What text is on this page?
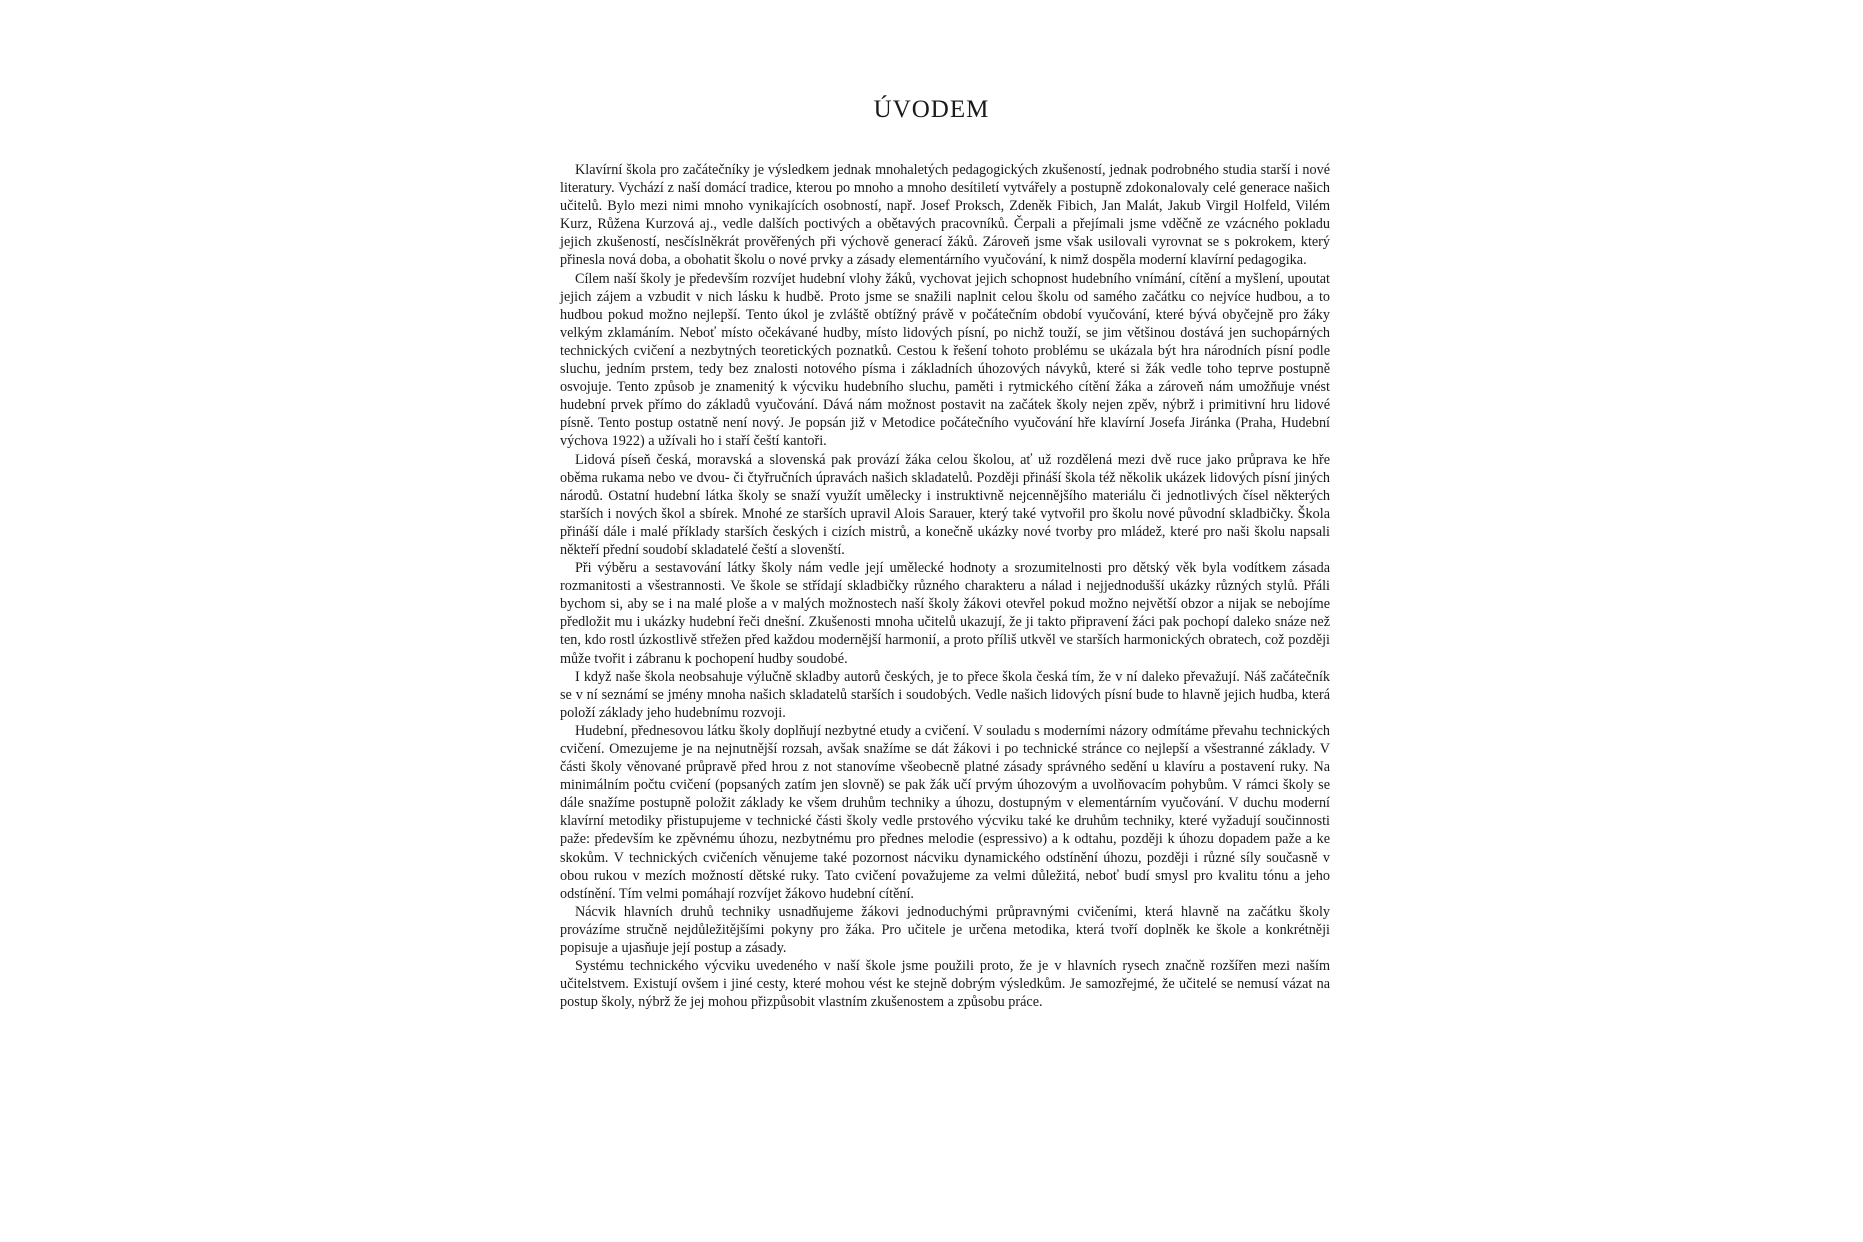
ÚVODEM

Klavírní škola pro začátečníky je výsledkem jednak mnohaletých pedagogických zkušeností, jednak podrobného studia starší i nové literatury. Vychází z naší domácí tradice, kterou po mnoho a mnoho desítiletí vytvářely a postupně zdokonalovaly celé generace našich učitelů. Bylo mezi nimi mnoho vynikajících osobností, např. Josef Proksch, Zdeněk Fibich, Jan Malát, Jakub Virgil Holfeld, Vilém Kurz, Růžena Kurzová aj., vedle dalších poctivých a obětavých pracovníků. Čerpali a přejímali jsme vděčně ze vzácného pokladu jejich zkušeností, nesčíslněkrát prověřených při výchově generací žáků. Zároveň jsme však usilovali vyrovnat se s pokrokem, který přinesla nová doba, a obohatit školu o nové prvky a zásady elementárního vyučování, k nimž dospěla moderní klavírní pedagogika.

Cílem naší školy je především rozvíjet hudební vlohy žáků, vychovat jejich schopnost hudebního vnímání, cítění a myšlení, upoutat jejich zájem a vzbudit v nich lásku k hudbě. Proto jsme se snažili naplnit celou školu od samého začátku co nejvíce hudbou, a to hudbou pokud možno nejlepší. Tento úkol je zvláště obtížný právě v počátečním období vyučování, které bývá obyčejně pro žáky velkým zklamáním. Neboť místo očekávané hudby, místo lidových písní, po nichž touží, se jim většinou dostává jen suchopárných technických cvičení a nezbytných teoretických poznatků. Cestou k řešení tohoto problému se ukázala být hra národních písní podle sluchu, jedním prstem, tedy bez znalosti notového písma i základních úhozových návyků, které si žák vedle toho teprve postupně osvojuje. Tento způsob je znamenitý k výcviku hudebního sluchu, paměti i rytmického cítění žáka a zároveň nám umožňuje vnést hudební prvek přímo do základů vyučování. Dává nám možnost postavit na začátek školy nejen zpěv, nýbrž i primitivní hru lidové písně. Tento postup ostatně není nový. Je popsán již v Metodice počátečního vyučování hře klavírní Josefa Jiránka (Praha, Hudební výchova 1922) a užívali ho i staří čeští kantoři.

Lidová píseň česká, moravská a slovenská pak provází žáka celou školou, ať už rozdělená mezi dvě ruce jako průprava ke hře oběma rukama nebo ve dvou- či čtyřručních úpravách našich skladatelů. Později přináší škola též několik ukázek lidových písní jiných národů. Ostatní hudební látka školy se snaží využít umělecky i instruktivně nejcennějšího materiálu či jednotlivých čísel některých starších i nových škol a sbírek. Mnohé ze starších upravil Alois Sarauer, který také vytvořil pro školu nové původní skladbičky. Škola přináší dále i malé příklady starších českých i cizích mistrů, a konečně ukázky nové tvorby pro mládež, které pro naši školu napsali někteří přední soudobí skladatelé čeští a slovenští.

Při výběru a sestavování látky školy nám vedle její umělecké hodnoty a srozumitelnosti pro dětský věk byla vodítkem zásada rozmanitosti a všestrannosti. Ve škole se střídají skladbičky různého charakteru a nálad i nejjednodušší ukázky různých stylů. Přáli bychom si, aby se i na malé ploše a v malých možnostech naší školy žákovi otevřel pokud možno největší obzor a nijak se nebojíme předložit mu i ukázky hudební řeči dnešní. Zkušenosti mnoha učitelů ukazují, že ji takto připravení žáci pak pochopí daleko snáze než ten, kdo rostl úzkostlivě střežen před každou modernější harmonií, a proto příliš utkvěl ve starších harmonických obratech, což později může tvořit i zábranu k pochopení hudby soudobé.

I když naše škola neobsahuje výlučně skladby autorů českých, je to přece škola česká tím, že v ní daleko převažují. Náš začátečník se v ní seznámí se jmény mnoha našich skladatelů starších i soudobých. Vedle našich lidových písní bude to hlavně jejich hudba, která položí základy jeho hudebnímu rozvoji.

Hudební, přednesovou látku školy doplňují nezbytné etudy a cvičení. V souladu s moderními názory odmítáme převahu technických cvičení. Omezujeme je na nejnutnější rozsah, avšak snažíme se dát žákovi i po technické stránce co nejlepší a všestranné základy. V části školy věnované průpravě před hrou z not stanovíme všeobecně platné zásady správného sedění u klavíru a postavení ruky. Na minimálním počtu cvičení (popsaných zatím jen slovně) se pak žák učí prvým úhozovým a uvolňovacím pohybům. V rámci školy se dále snažíme postupně položit základy ke všem druhům techniky a úhozu, dostupným v elementárním vyučování. V duchu moderní klavírní metodiky přistupujeme v technické části školy vedle prstového výcviku také ke druhům techniky, které vyžadují součinnosti paže: především ke zpěvnému úhozu, nezbytnému pro přednes melodie (espressivo) a k odtahu, později k úhozu dopadem paže a ke skokům. V technických cvičeních věnujeme také pozornost nácviku dynamického odstínění úhozu, později i různé síly současně v obou rukou v mezích možností dětské ruky. Tato cvičení považujeme za velmi důležitá, neboť budí smysl pro kvalitu tónu a jeho odstínění. Tím velmi pomáhají rozvíjet žákovo hudební cítění.

Nácvik hlavních druhů techniky usnadňujeme žákovi jednoduchými průpravnými cvičeními, která hlavně na začátku školy provázíme stručně nejdůležitějšími pokyny pro žáka. Pro učitele je určena metodika, která tvoří doplněk ke škole a konkrétněji popisuje a ujasňuje její postup a zásady.

Systému technického výcviku uvedeného v naší škole jsme použili proto, že je v hlavních rysech značně rozšířen mezi naším učitelstvem. Existují ovšem i jiné cesty, které mohou vést ke stejně dobrým výsledkům. Je samozřejmé, že učitelé se nemusí vázat na postup školy, nýbrž že jej mohou přizpůsobit vlastním zkušenostem a způsobu práce.
